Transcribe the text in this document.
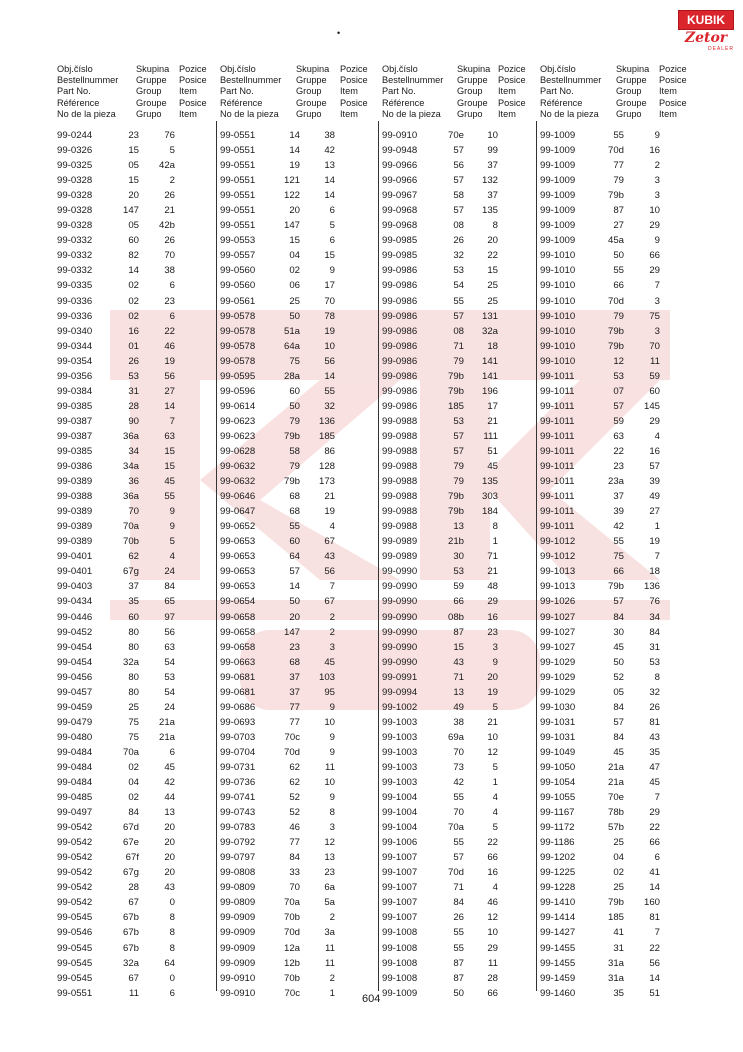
KUBIK
Zetor
DEALER
•
Obj.číslo
Bestellnummer
Part No.
Référence
No de la pieza
Skupina
Gruppe
Group
Groupe
Grupo
Pozice
Posice
Item
Posice
Item
99-0244	23	76
99-0326	15	5
99-0325	05	42a
99-0328	15	2
99-0328	20	26
99-0328	147	21
99-0328	05	42b
99-0332	60	26
99-0332	82	70
99-0332	14	38
99-0335	02	6
99-0336	02	23
99-0336	02	6
99-0340	16	22
99-0344	01	46
99-0354	26	19
99-0356	53	56
99-0384	31	27
99-0385	28	14
99-0387	90	7
99-0387	36a	63
99-0385	34	15
99-0386	34a	15
99-0389	36	45
99-0388	36a	55
99-0389	70	9
99-0389	70a	9
99-0389	70b	5
99-0401	62	4
99-0401	67g	24
99-0403	37	84
99-0434	35	65
99-0446	60	97
99-0452	80	56
99-0454	80	63
99-0454	32a	54
99-0456	80	53
99-0457	80	54
99-0459	25	24
99-0479	75	21a
99-0480	75	21a
99-0484	70a	6
99-0484	02	45
99-0484	04	42
99-0485	02	44
99-0497	84	13
99-0542	67d	20
99-0542	67e	20
99-0542	67f	20
99-0542	67g	20
99-0542	28	43
99-0542	67	0
99-0545	67b	8
99-0546	67b	8
99-0545	67b	8
99-0545	32a	64
99-0545	67	0
99-0551	11	6
Obj.číslo
Bestellnummer
Part No.
Référence
No de la pieza
Skupina
Gruppe
Group
Groupe
Grupo
Pozice
Posice
Item
Posice
Item
99-0551	14	38
99-0551	14	42
99-0551	19	13
99-0551	121	14
99-0551	122	14
99-0551	20	6
99-0551	147	5
99-0553	15	6
99-0557	04	15
99-0560	02	9
99-0560	06	17
99-0561	25	70
99-0578	50	78
99-0578	51a	19
99-0578	64a	10
99-0578	75	56
99-0595	28a	14
99-0596	60	55
99-0614	50	32
99-0623	79	136
99-0623	79b	185
99-0628	58	86
99-0632	79	128
99-0632	79b	173
99-0646	68	21
99-0647	68	19
99-0652	55	4
99-0653	60	67
99-0653	64	43
99-0653	57	56
99-0653	14	7
99-0654	50	67
99-0658	20	2
99-0658	147	2
99-0658	23	3
99-0663	68	45
99-0681	37	103
99-0681	37	95
99-0686	77	9
99-0693	77	10
99-0703	70c	9
99-0704	70d	9
99-0731	62	11
99-0736	62	10
99-0741	52	9
99-0743	52	8
99-0783	46	3
99-0792	77	12
99-0797	84	13
99-0808	33	23
99-0809	70	6a
99-0809	70a	5a
99-0909	70b	2
99-0909	70d	3a
99-0909	12a	11
99-0909	12b	11
99-0910	70b	2
99-0910	70c	1
Obj.číslo
Bestellnummer
Part No.
Référence
No de la pieza
Skupina
Gruppe
Group
Groupe
Grupo
Pozice
Posice
Item
Posice
Item
99-0910	70e	10
99-0948	57	99
99-0966	56	37
99-0966	57	132
99-0967	58	37
99-0968	57	135
99-0968	08	8
99-0985	26	20
99-0985	32	22
99-0986	53	15
99-0986	54	25
99-0986	55	25
99-0986	57	131
99-0986	08	32a
99-0986	71	18
99-0986	79	141
99-0986	79b	141
99-0986	79b	196
99-0986	185	17
99-0988	53	21
99-0988	57	111
99-0988	57	51
99-0988	79	45
99-0988	79	135
99-0988	79b	303
99-0988	79b	184
99-0988	13	8
99-0989	21b	1
99-0989	30	71
99-0990	53	21
99-0990	59	48
99-0990	66	29
99-0990	08b	16
99-0990	87	23
99-0990	15	3
99-0990	43	9
99-0991	71	20
99-0994	13	19
99-1002	49	5
99-1003	38	21
99-1003	69a	10
99-1003	70	12
99-1003	73	5
99-1003	42	1
99-1004	55	4
99-1004	70	4
99-1004	70a	5
99-1006	55	22
99-1007	57	66
99-1007	70d	16
99-1007	71	4
99-1007	84	46
99-1007	26	12
99-1008	55	10
99-1008	55	29
99-1008	87	11
99-1008	87	28
99-1009	50	66
Obj.číslo
Bestellnummer
Part No.
Référence
No de la pieza
Skupina
Gruppe
Group
Groupe
Grupo
Pozice
Posice
Item
Posice
Item
99-1009	55	9
99-1009	70d	16
99-1009	77	2
99-1009	79	3
99-1009	79b	3
99-1009	87	10
99-1009	27	29
99-1009	45a	9
99-1010	50	66
99-1010	55	29
99-1010	66	7
99-1010	70d	3
99-1010	79	75
99-1010	79b	3
99-1010	79b	70
99-1010	12	11
99-1011	53	59
99-1011	07	60
99-1011	57	145
99-1011	59	29
99-1011	63	4
99-1011	22	16
99-1011	23	57
99-1011	23a	39
99-1011	37	49
99-1011	39	27
99-1011	42	1
99-1012	55	19
99-1012	75	7
99-1013	66	18
99-1013	79b	136
99-1026	57	76
99-1027	84	34
99-1027	30	84
99-1027	45	31
99-1029	50	53
99-1029	52	8
99-1029	05	32
99-1030	84	26
99-1031	57	81
99-1031	84	43
99-1049	45	35
99-1050	21a	47
99-1054	21a	45
99-1055	70e	7
99-1167	78b	29
99-1172	57b	22
99-1186	25	66
99-1202	04	6
99-1225	02	41
99-1228	25	14
99-1410	79b	160
99-1414	185	81
99-1427	41	7
99-1455	31	22
99-1455	31a	56
99-1459	31a	14
99-1460	35	51
604
